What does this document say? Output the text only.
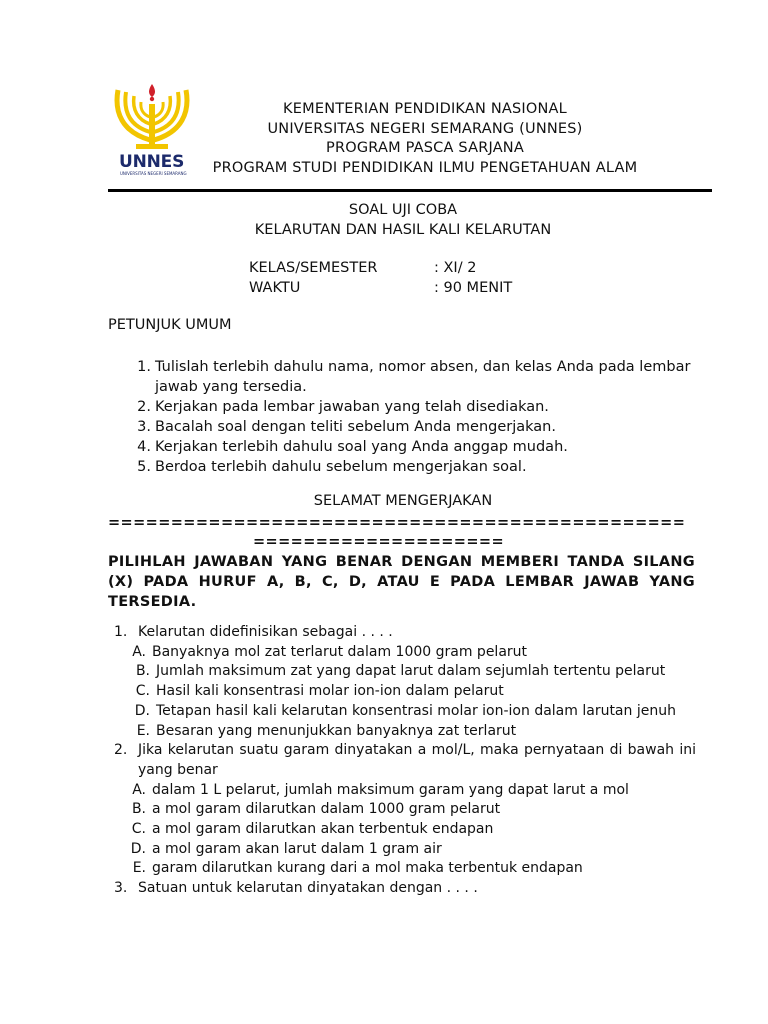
UNNES
UNIVERSITAS NEGERI SEMARANG
KEMENTERIAN PENDIDIKAN NASIONAL
UNIVERSITAS NEGERI SEMARANG (UNNES)
PROGRAM PASCA SARJANA
PROGRAM STUDI PENDIDIKAN ILMU PENGETAHUAN ALAM
SOAL UJI COBA
KELARUTAN DAN HASIL KALI KELARUTAN
KELAS/SEMESTER	: XI/ 2
WAKTU	: 90 MENIT
PETUNJUK UMUM
1. Tulislah terlebih dahulu nama, nomor absen, dan kelas Anda pada lembar jawab yang tersedia.
2. Kerjakan pada lembar jawaban yang telah disediakan.
3. Bacalah soal dengan teliti sebelum Anda mengerjakan.
4. Kerjakan terlebih dahulu soal yang Anda anggap mudah.
5. Berdoa terlebih dahulu sebelum mengerjakan soal.
SELAMAT MENGERJAKAN
==============================================
====================
PILIHLAH JAWABAN YANG BENAR DENGAN MEMBERI TANDA SILANG (X) PADA HURUF A, B, C, D, ATAU E PADA LEMBAR JAWAB YANG TERSEDIA.
1. Kelarutan didefinisikan sebagai . . . .
A. Banyaknya mol zat terlarut dalam 1000 gram pelarut
B. Jumlah maksimum zat yang dapat larut dalam sejumlah tertentu pelarut
C. Hasil kali konsentrasi molar ion-ion dalam pelarut
D. Tetapan hasil kali kelarutan konsentrasi molar ion-ion dalam larutan jenuh
E. Besaran yang menunjukkan banyaknya zat terlarut
2. Jika kelarutan suatu garam dinyatakan a mol/L, maka pernyataan di bawah ini yang benar
A. dalam 1 L pelarut, jumlah maksimum garam yang dapat larut a mol
B. a mol garam dilarutkan dalam 1000 gram pelarut
C. a mol garam dilarutkan akan terbentuk endapan
D. a mol garam akan larut dalam 1 gram air
E. garam dilarutkan kurang dari a mol maka terbentuk endapan
3. Satuan untuk kelarutan dinyatakan dengan . . . .
